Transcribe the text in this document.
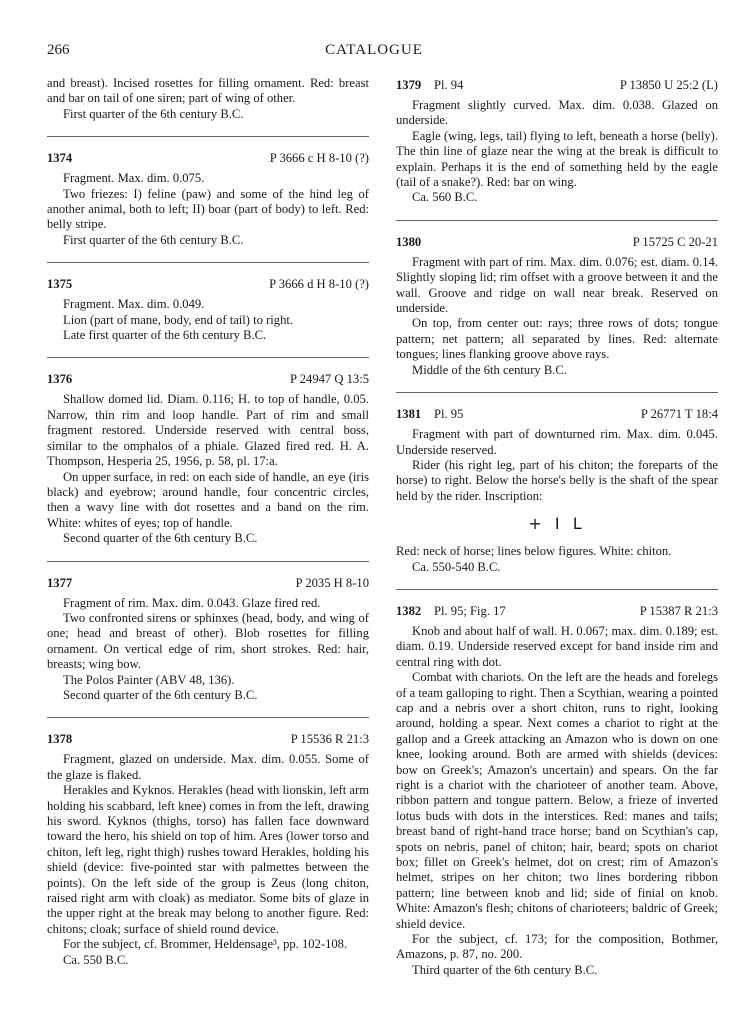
266	CATALOGUE

and breast). Incised rosettes for filling ornament. Red: breast and bar on tail of one siren; part of wing of other.

First quarter of the 6th century B.C.

1374	P 3666 c H 8-10 (?)

Fragment. Max. dim. 0.075.

Two friezes: I) feline (paw) and some of the hind leg of another animal, both to left; II) boar (part of body) to left. Red: belly stripe.

First quarter of the 6th century B.C.

1375	P 3666 d H 8-10 (?)

Fragment. Max. dim. 0.049.

Lion (part of mane, body, end of tail) to right.

Late first quarter of the 6th century B.C.

1376	P 24947 Q 13:5

Shallow domed lid. Diam. 0.116; H. to top of handle, 0.05. Narrow, thin rim and loop handle. Part of rim and small fragment restored. Underside reserved with central boss, similar to the omphalos of a phiale. Glazed fired red. H. A. Thompson, Hesperia 25, 1956, p. 58, pl. 17:a.

On upper surface, in red: on each side of handle, an eye (iris black) and eyebrow; around handle, four concentric circles, then a wavy line with dot rosettes and a band on the rim. White: whites of eyes; top of handle.

Second quarter of the 6th century B.C.

1377	P 2035 H 8-10

Fragment of rim. Max. dim. 0.043. Glaze fired red.

Two confronted sirens or sphinxes (head, body, and wing of one; head and breast of other). Blob rosettes for filling ornament. On vertical edge of rim, short strokes. Red: hair, breasts; wing bow.

The Polos Painter (ABV 48, 136).

Second quarter of the 6th century B.C.

1378	P 15536 R 21:3

Fragment, glazed on underside. Max. dim. 0.055. Some of the glaze is flaked.

Herakles and Kyknos. Herakles (head with lionskin, left arm holding his scabbard, left knee) comes in from the left, drawing his sword. Kyknos (thighs, torso) has fallen face downward toward the hero, his shield on top of him. Ares (lower torso and chiton, left leg, right thigh) rushes toward Herakles, holding his shield (device: five-pointed star with palmettes between the points). On the left side of the group is Zeus (long chiton, raised right arm with cloak) as mediator. Some bits of glaze in the upper right at the break may belong to another figure. Red: chitons; cloak; surface of shield round device.

For the subject, cf. Brommer, Heldensage³, pp. 102-108.

Ca. 550 B.C.

1379 Pl. 94	P 13850 U 25:2 (L)

Fragment slightly curved. Max. dim. 0.038. Glazed on underside.

Eagle (wing, legs, tail) flying to left, beneath a horse (belly). The thin line of glaze near the wing at the break is difficult to explain. Perhaps it is the end of something held by the eagle (tail of a snake?). Red: bar on wing.

Ca. 560 B.C.

1380	P 15725 C 20-21

Fragment with part of rim. Max. dim. 0.076; est. diam. 0.14. Slightly sloping lid; rim offset with a groove between it and the wall. Groove and ridge on wall near break. Reserved on underside.

On top, from center out: rays; three rows of dots; tongue pattern; net pattern; all separated by lines. Red: alternate tongues; lines flanking groove above rays.

Middle of the 6th century B.C.

1381 Pl. 95	P 26771 T 18:4

Fragment with part of downturned rim. Max. dim. 0.045. Underside reserved.

Rider (his right leg, part of his chiton; the foreparts of the horse) to right. Below the horse's belly is the shaft of the spear held by the rider. Inscription:

+ I L

Red: neck of horse; lines below figures. White: chiton.

Ca. 550-540 B.C.

1382 Pl. 95; Fig. 17	P 15387 R 21:3

Knob and about half of wall. H. 0.067; max. dim. 0.189; est. diam. 0.19. Underside reserved except for band inside rim and central ring with dot.

Combat with chariots. On the left are the heads and forelegs of a team galloping to right. Then a Scythian, wearing a pointed cap and a nebris over a short chiton, runs to right, looking around, holding a spear. Next comes a chariot to right at the gallop and a Greek attacking an Amazon who is down on one knee, looking around. Both are armed with shields (devices: bow on Greek's; Amazon's uncertain) and spears. On the far right is a chariot with the charioteer of another team. Above, ribbon pattern and tongue pattern. Below, a frieze of inverted lotus buds with dots in the interstices. Red: manes and tails; breast band of right-hand trace horse; band on Scythian's cap, spots on nebris, panel of chiton; hair, beard; spots on chariot box; fillet on Greek's helmet, dot on crest; rim of Amazon's helmet, stripes on her chiton; two lines bordering ribbon pattern; line between knob and lid; side of finial on knob. White: Amazon's flesh; chitons of charioteers; baldric of Greek; shield device.

For the subject, cf. 173; for the composition, Bothmer, Amazons, p. 87, no. 200.

Third quarter of the 6th century B.C.
